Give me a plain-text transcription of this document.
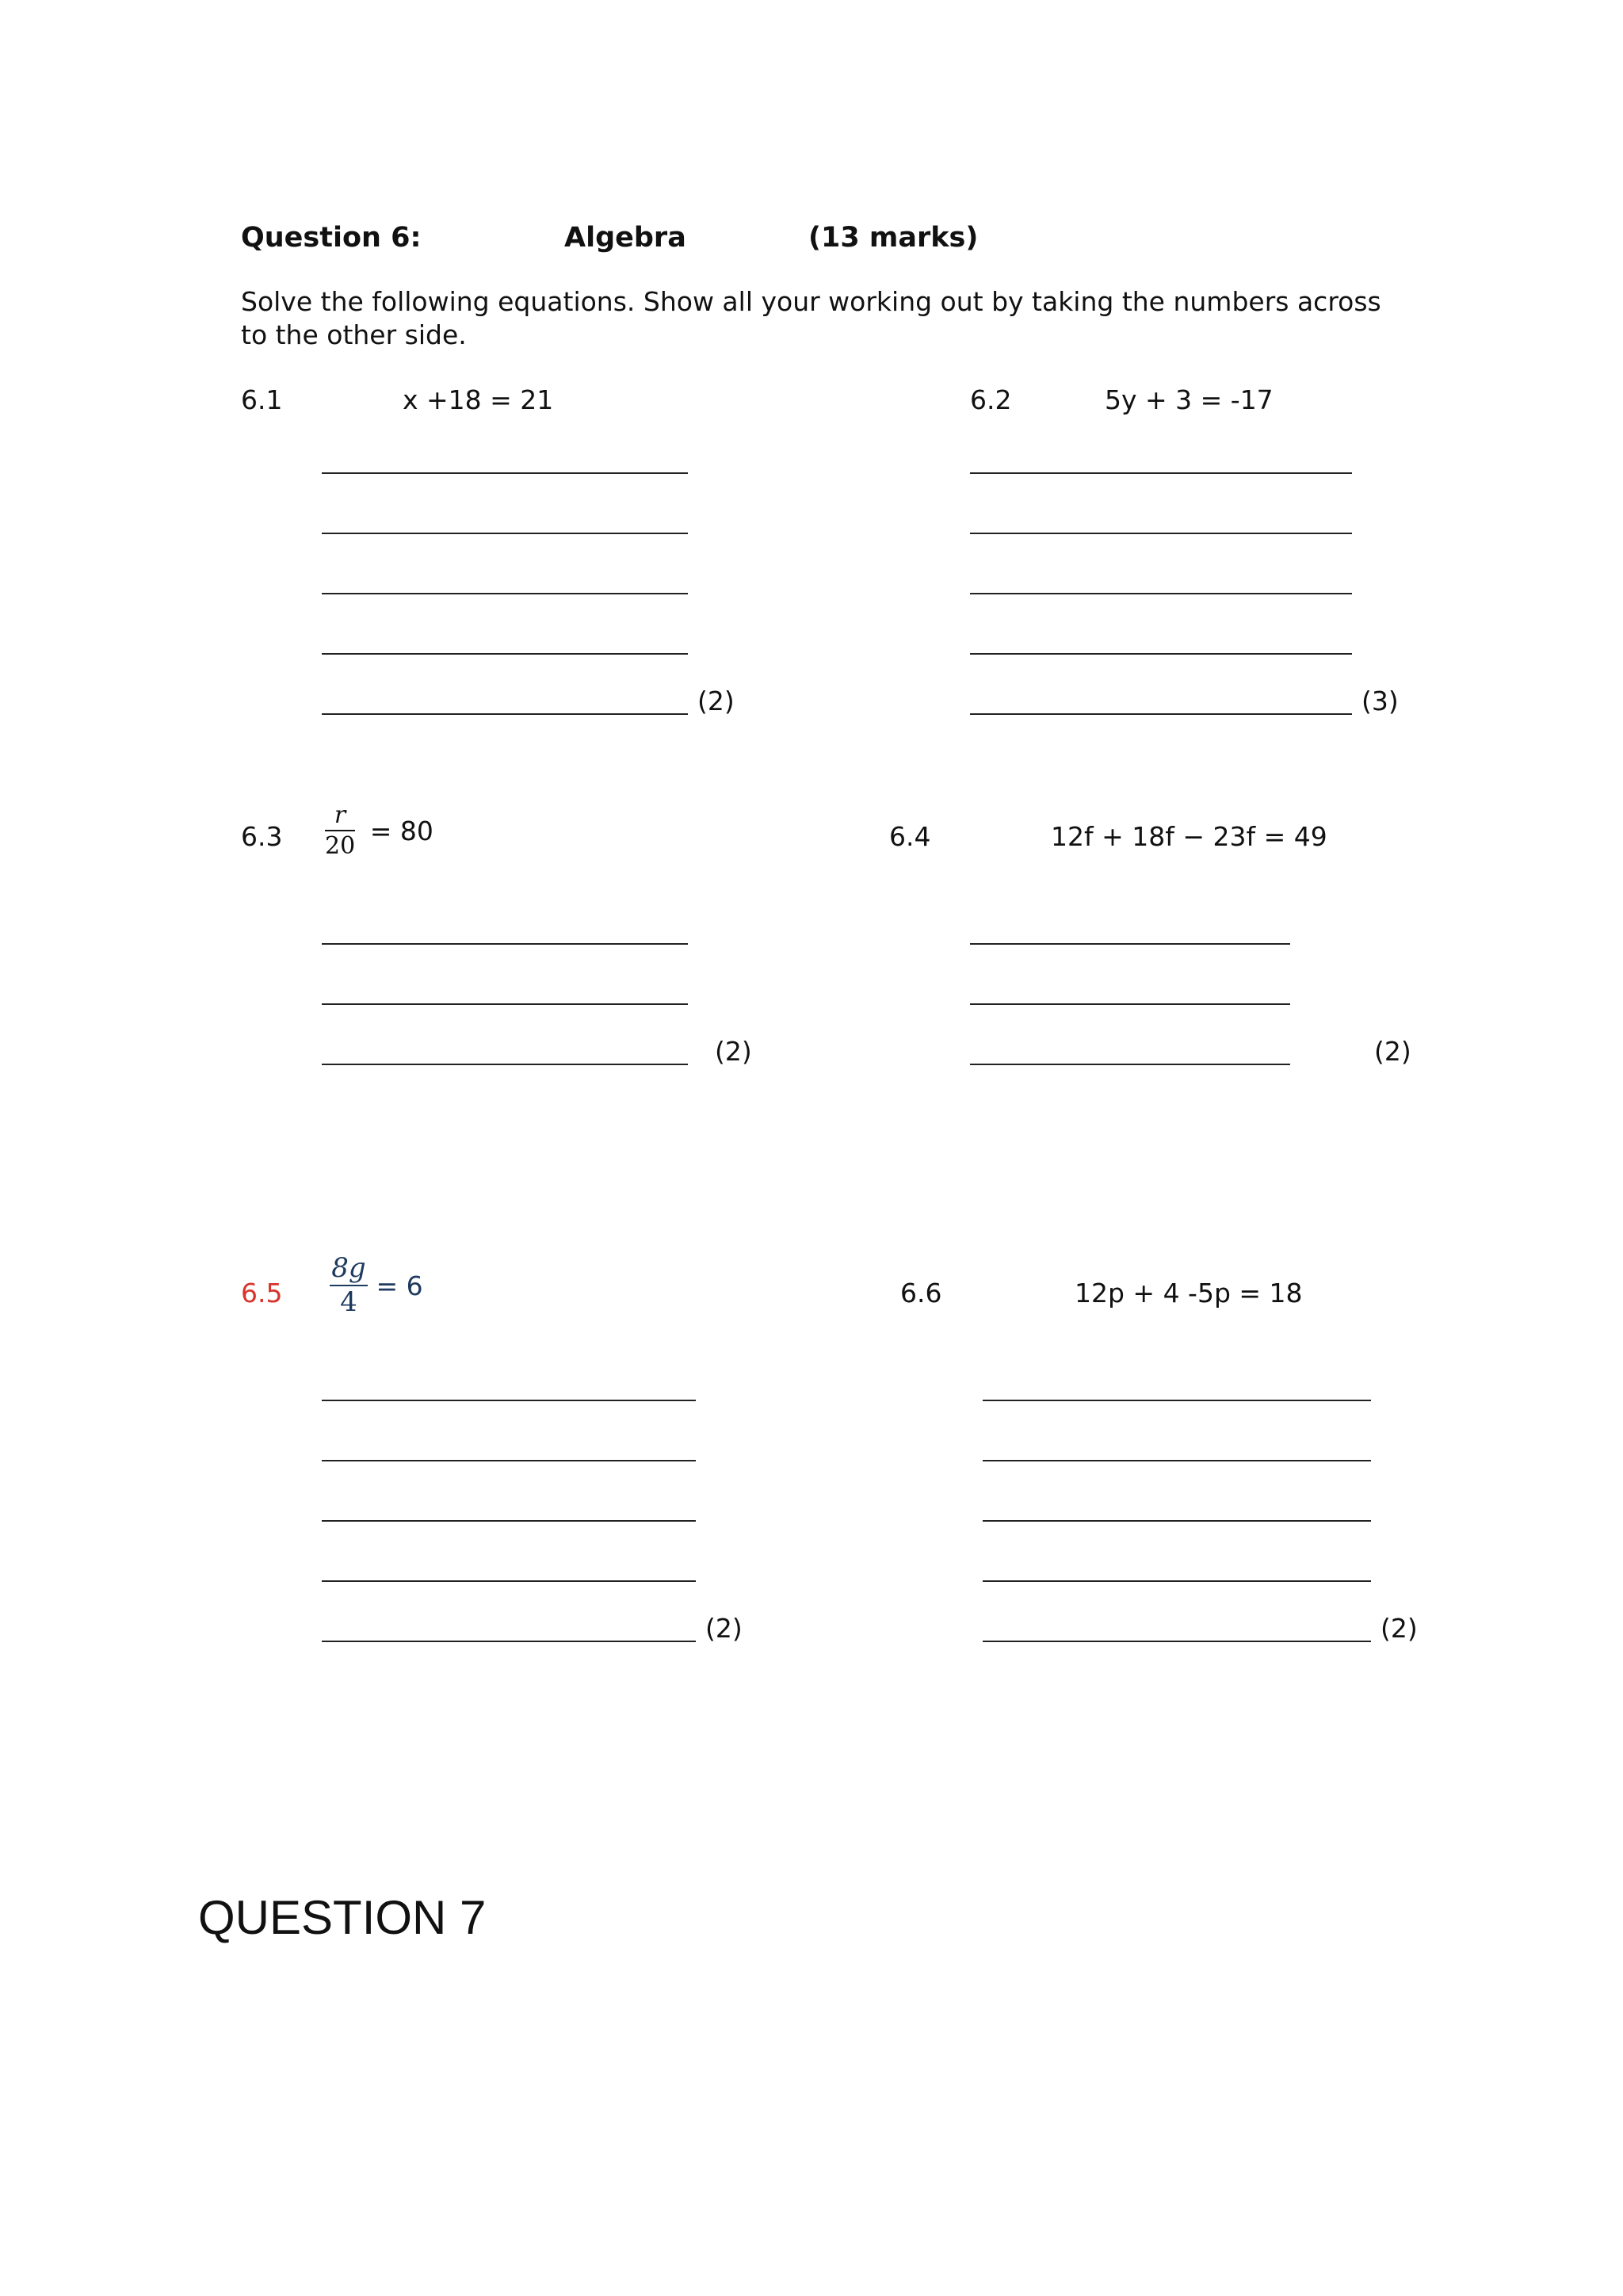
Question 6:	Algebra	(13 marks)
Solve the following equations. Show all your working out by taking the numbers across to the other side.
6.1	x +18 = 21
(2)
6.2	5y + 3 = -17
(3)
$6.3 \frac{r}{20} = 80$
(2)
6.4	12f + 18f − 23f = 49
(2)
$6.5 \frac{8g}{4} = 6$
(2)
6.6	12p + 4 -5p = 18
(2)
QUESTION 7
